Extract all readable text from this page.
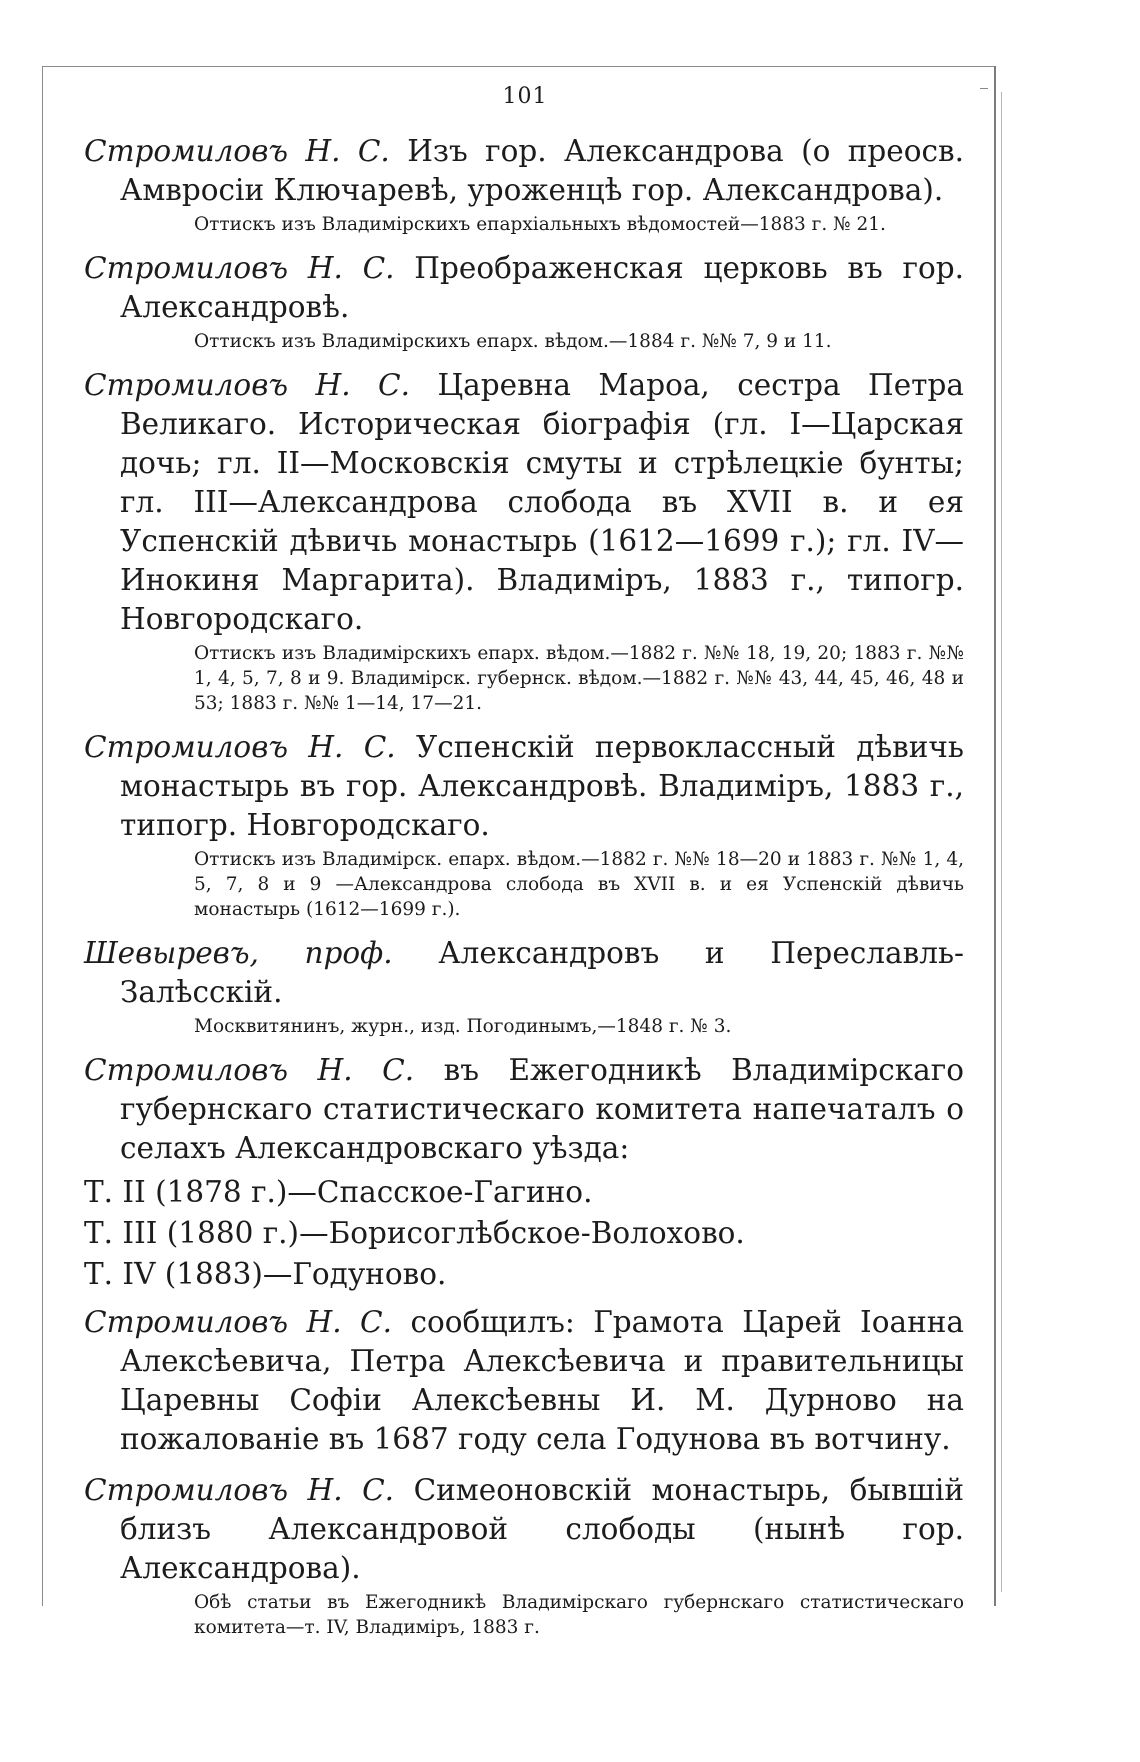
101
Стромиловъ Н. С. Изъ гор. Александрова (о преосв. Амвросiи Ключаревѣ, уроженцѣ гор. Александрова).
Оттискъ изъ Владимiрскихъ епархiальныхъ вѣдомостей—1883 г. № 21.
Стромиловъ Н. С. Преображенская церковь въ гор. Александровѣ.
Оттискъ изъ Владимiрскихъ епарх. вѣдом.—1884 г. №№ 7, 9 и 11.
Стромиловъ Н. С. Царевна Мароа, сестра Петра Великаго. Историческая бiографiя (гл. I—Царская дочь; гл. II—Московскiя смуты и стрѣлецкiе бунты; гл. III—Александрова слобода въ XVII в. и ея Успенскiй дѣвичь монастырь (1612—1699 г.); гл. IV—Инокиня Маргарита). Владимiръ, 1883 г., типогр. Новгородскаго.
Оттискъ изъ Владимiрскихъ епарх. вѣдом.—1882 г. №№ 18, 19, 20; 1883 г. №№ 1, 4, 5, 7, 8 и 9. Владимiрск. губернск. вѣдом.—1882 г. №№ 43, 44, 45, 46, 48 и 53; 1883 г. №№ 1—14, 17—21.
Стромиловъ Н. С. Успенскiй первоклассный дѣвичь монастырь въ гор. Александровѣ. Владимiръ, 1883 г., типогр. Новгородскаго.
Оттискъ изъ Владимiрск. епарх. вѣдом.—1882 г. №№ 18—20 и 1883 г. №№ 1, 4, 5, 7, 8 и 9 —Александрова слобода въ XVII в. и ея Успенскiй дѣвичь монастырь (1612—1699 г.).
Шевыревъ, проф. Александровъ и Переславль-Залѣсскiй.
Москвитянинъ, журн., изд. Погодинымъ,—1848 г. № 3.
Стромиловъ Н. С. въ Ежегодникѣ Владимiрскаго губернскаго статистическаго комитета напечаталъ о селахъ Александровскаго уѣзда:
Т. II (1878 г.)—Спасское-Гагино.
Т. III (1880 г.)—Борисоглѣбское-Волохово.
Т. IV (1883)—Годуново.
Стромиловъ Н. С. сообщилъ: Грамота Царей Iоанна Алексѣевича, Петра Алексѣевича и правительницы Царевны Софiи Алексѣевны И. М. Дурново на пожалованiе въ 1687 году села Годунова въ вотчину.
Стромиловъ Н. С. Симеоновскiй монастырь, бывшiй близъ Александровой слободы (нынѣ гор. Александрова).
Обѣ статьи въ Ежегодникѣ Владимiрскаго губернскаго статистическаго комитета—т. IV, Владимiръ, 1883 г.
